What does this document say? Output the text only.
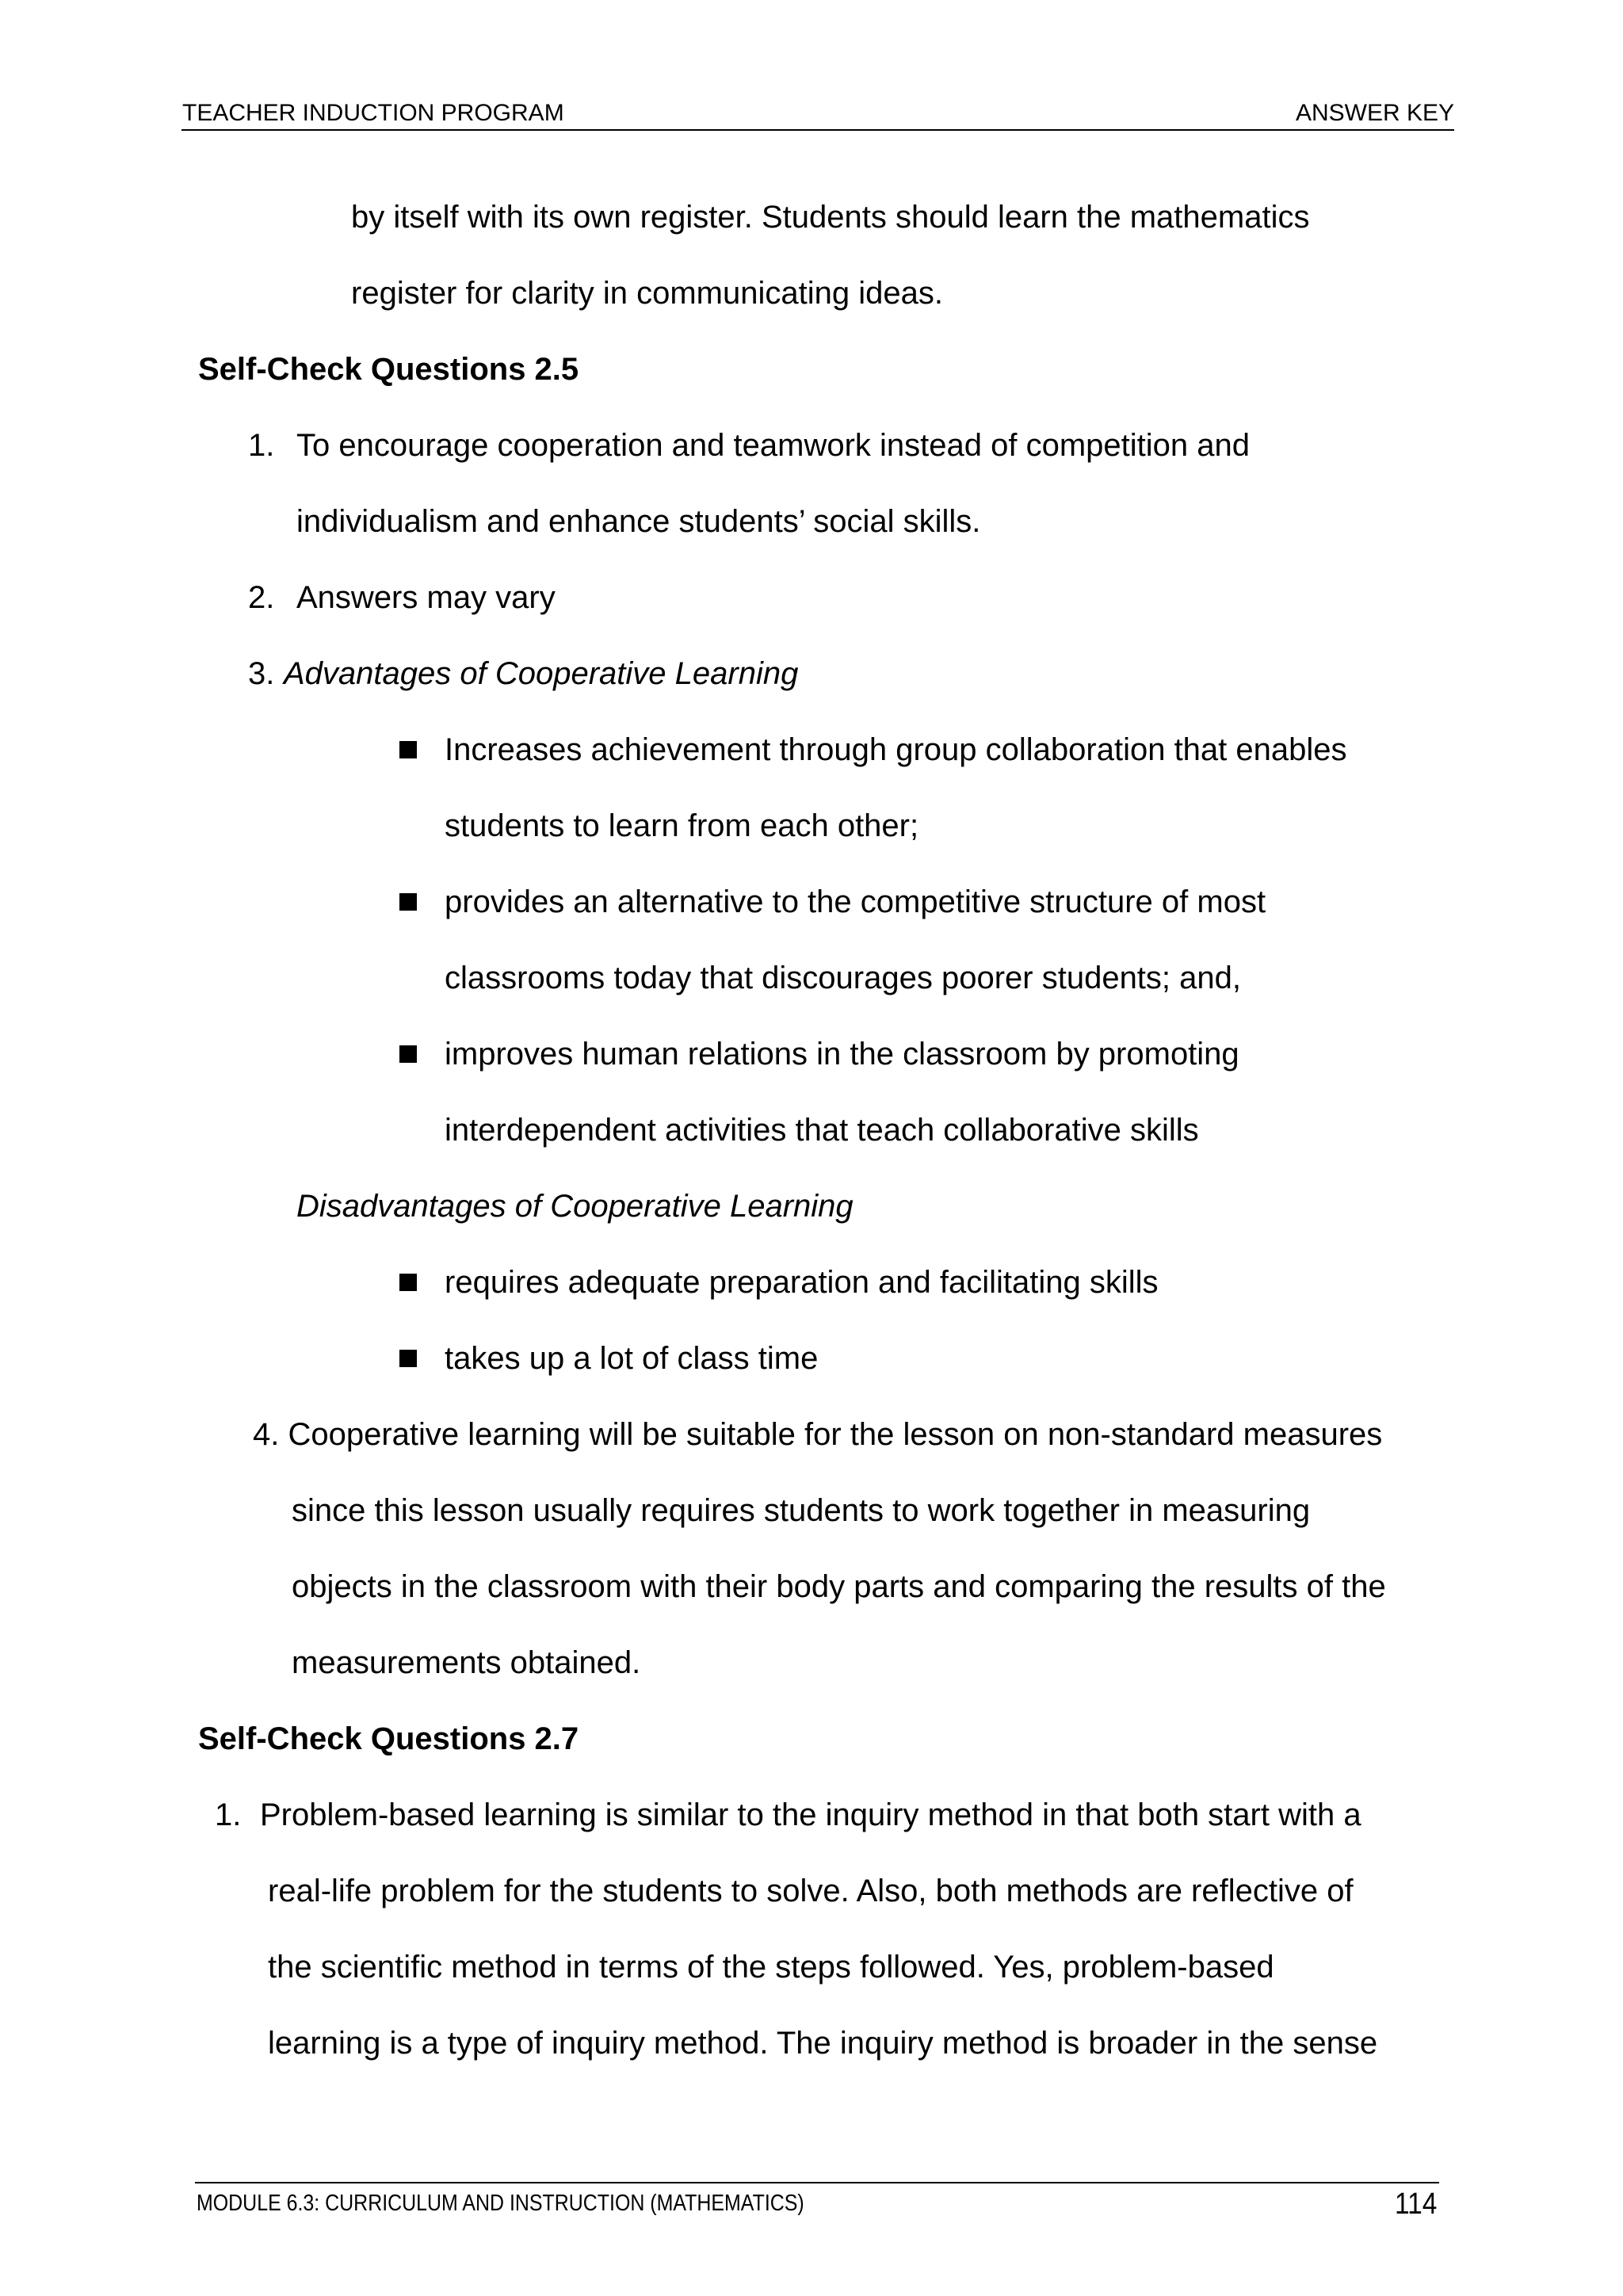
TEACHER INDUCTION PROGRAM	ANSWER KEY
by itself with its own register. Students should learn the mathematics
register for clarity in communicating ideas.
Self-Check Questions 2.5
1. To encourage cooperation and teamwork instead of competition and
individualism and enhance students’ social skills.
2. Answers may vary
3. Advantages of Cooperative Learning
Increases achievement through group collaboration that enables
students to learn from each other;
provides an alternative to the competitive structure of most
classrooms today that discourages poorer students; and,
improves human relations in the classroom by promoting
interdependent activities that teach collaborative skills
Disadvantages of Cooperative Learning
requires adequate preparation and facilitating skills
takes up a lot of class time
4. Cooperative learning will be suitable for the lesson on non-standard measures
since this lesson usually requires students to work together in measuring
objects in the classroom with their body parts and comparing the results of the
measurements obtained.
Self-Check Questions 2.7
1. Problem-based learning is similar to the inquiry method in that both start with a
real-life problem for the students to solve. Also, both methods are reflective of
the scientific method in terms of the steps followed. Yes, problem-based
learning is a type of inquiry method. The inquiry method is broader in the sense
MODULE 6.3: CURRICULUM AND INSTRUCTION (MATHEMATICS)	114
